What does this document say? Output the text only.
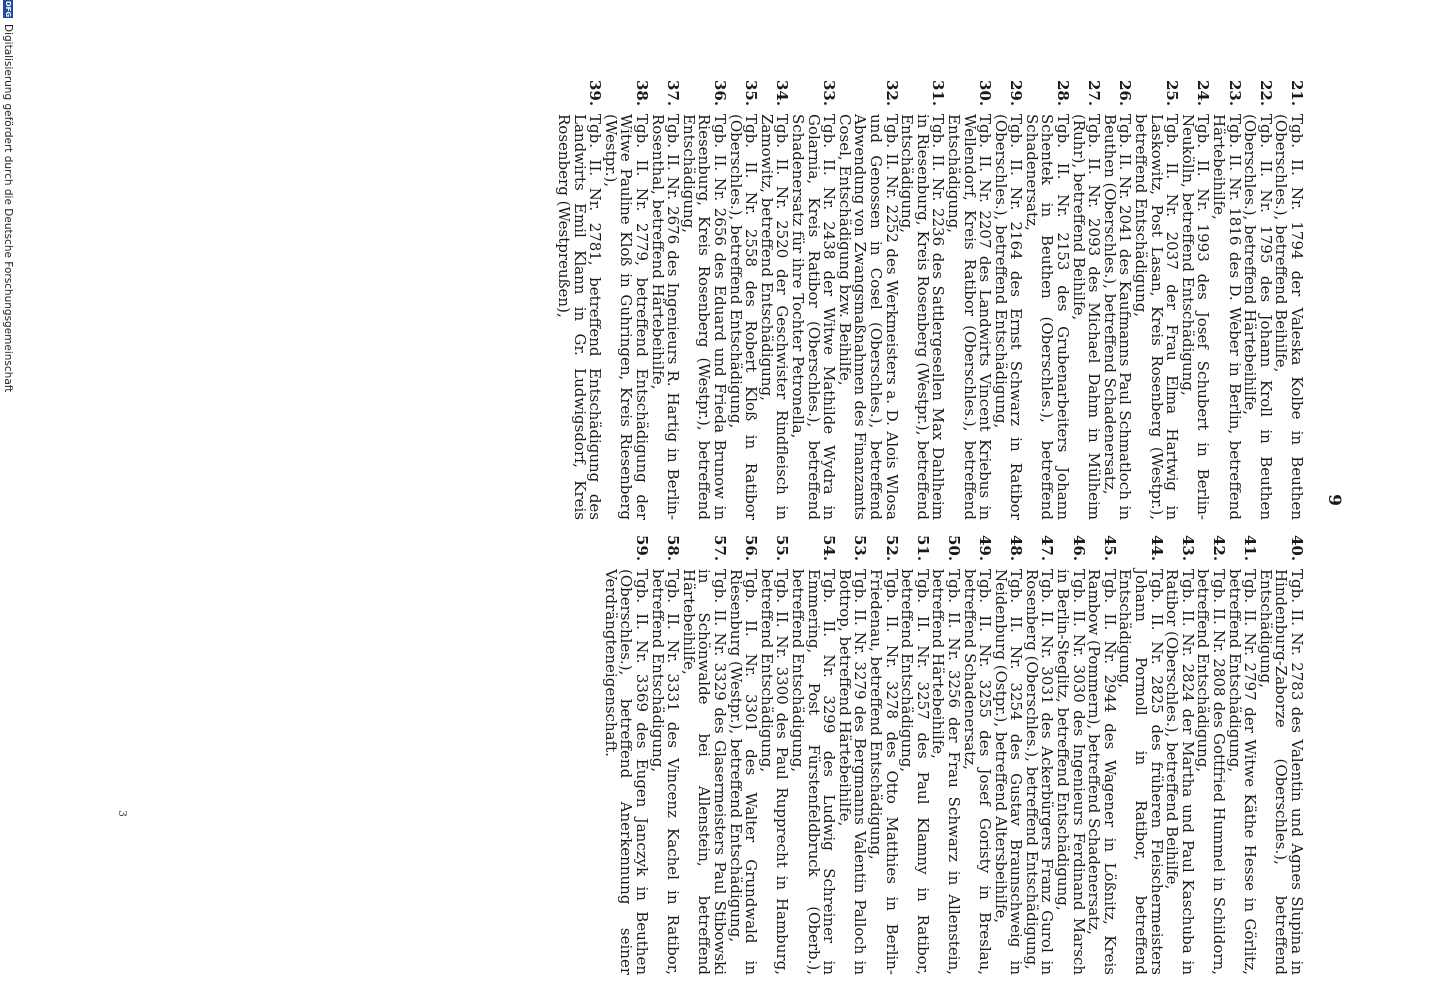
9
21.
Tgb. II. Nr. 1794 der Valeska Kolbe in Beuthen (Oberschles.), betreffend Beihilfe,
22.
Tgb. II. Nr. 1795 des Johann Kroll in Beuthen (Oberschles.), betreffend Härtebeihilfe,
23.
Tgb. II. Nr. 1816 des D. Weber in Berlin, betreffend Härtebeihilfe,
24.
Tgb. II. Nr. 1993 des Josef Schubert in Berlin-Neukölln, betreffend Entschädigung,
25.
Tgb. II. Nr. 2037 der Frau Elma Hartwig in Laskowitz, Post Lasan, Kreis Rosenberg (Westpr.), betreffend Entschädigung,
26.
Tgb. II. Nr. 2041 des Kaufmanns Paul Schmatloch in Beuthen (Oberschles.), betreffend Schadenersatz,
27.
Tgb. II. Nr. 2093 des Michael Dahm in Mülheim (Ruhr), betreffend Beihilfe,
28.
Tgb. II. Nr. 2153 des Grubenarbeiters Johann Schentek in Beuthen (Oberschles.), betreffend Schadenersatz,
29.
Tgb. II. Nr. 2164 des Ernst Schwarz in Ratibor (Oberschles.), betreffend Entschädigung,
30.
Tgb. II. Nr. 2207 des Landwirts Vincent Kriebus in Wellendorf, Kreis Ratibor (Oberschles.), betreffend Entschädigung,
31.
Tgb. II. Nr. 2236 des Sattlergesellen Max Dahlheim in Riesenburg, Kreis Rosenberg (Westpr.), betreffend Entschädigung,
32.
Tgb. II. Nr. 2252 des Werkmeisters a. D. Alois Wlosa und Genossen in Cosel (Oberschles.), betreffend Abwendung von Zwangsmaßnahmen des Finanzamts Cosel, Entschädigung bzw. Beihilfe,
33.
Tgb. II. Nr. 2438 der Witwe Mathilde Wydra in Golarnia, Kreis Ratibor (Oberschles.), betreffend Schadenersatz für ihre Tochter Petronella,
34.
Tgb. II. Nr. 2520 der Geschwister Rindfleisch in Zamowitz, betreffend Entschädigung,
35.
Tgb. II. Nr. 2558 des Robert Kloß in Ratibor (Oberschles.), betreffend Entschädigung,
36.
Tgb. II. Nr. 2656 des Eduard und Frieda Brunow in Riesenburg, Kreis Rosenberg (Westpr.), betreffend Entschädigung,
37.
Tgb. II. Nr. 2676 des Ingenieurs R. Hartig in Berlin-Rosenthal, betreffend Härtebeihilfe,
38.
Tgb. II. Nr. 2779, betreffend Entschädigung der Witwe Pauline Kloß in Guhringen, Kreis Riesenberg (Westpr.),
39.
Tgb. II. Nr. 2781, betreffend Entschädigung des Landwirts Emil Klann in Gr. Ludwigsdorf, Kreis Rosenberg (Westpreußen),
40.
Tgb. II. Nr. 2783 des Valentin und Agnes Slupina in Hindenburg-Zaborze (Oberschles.), betreffend Entschädigung,
41.
Tgb. II. Nr. 2797 der Witwe Käthe Hesse in Görlitz, betreffend Entschädigung,
42.
Tgb. II. Nr. 2808 des Gottfried Hummel in Schildorn, betreffend Entschädigung,
43.
Tgb. II. Nr. 2824 der Martha und Paul Kaschuba in Ratibor (Oberschles.), betreffend Beihilfe,
44.
Tgb. II. Nr. 2825 des früheren Fleischermeisters Johann Pormoll in Ratibor, betreffend Entschädigung,
45.
Tgb. II. Nr. 2944 des Wagener in Lößnitz, Kreis Rambow (Pommern), betreffend Schadenersatz,
46.
Tgb. II. Nr. 3030 des Ingenieurs Ferdinand Marsch in Berlin-Steglitz, betreffend Entschädigung,
47.
Tgb. II. Nr. 3031 des Ackerbürgers Franz Gurol in Rosenberg (Oberschles.), betreffend Entschädigung,
48.
Tgb. II. Nr. 3254 des Gustav Braunschweig in Neidenburg (Ostpr.), betreffend Altersbeihilfe,
49.
Tgb. II. Nr. 3255 des Josef Goristy in Breslau, betreffend Schadenersatz,
50.
Tgb. II. Nr. 3256 der Frau Schwarz in Allenstein, betreffend Härtebeihilfe,
51.
Tgb. II. Nr. 3257 des Paul Klamny in Ratibor, betreffend Entschädigung,
52.
Tgb. II. Nr. 3278 des Otto Matthies in Berlin-Friedenau, betreffend Entschädigung,
53.
Tgb. II. Nr. 3279 des Bergmanns Valentin Palloch in Bottrop, betreffend Härtebeihilfe,
54.
Tgb. II. Nr. 3299 des Ludwig Schreiner in Emmering, Post Fürstenfeldbruck (Oberb.), betreffend Entschädigung,
55.
Tgb. II. Nr. 3300 des Paul Rupprecht in Hamburg, betreffend Entschädigung,
56.
Tgb. II. Nr. 3301 des Walter Grundwald in Riesenburg (Westpr.), betreffend Entschädigung,
57.
Tgb. II. Nr. 3329 des Glasermeisters Paul Stibowski in Schönwalde bei Allenstein, betreffend Härtebeihilfe,
58.
Tgb. II. Nr. 3331 des Vincenz Kachel in Ratibor, betreffend Entschädigung,
59.
Tgb. II. Nr. 3369 des Eugen Janczyk in Beuthen (Oberschles.), betreffend Anerkennung seiner Verdrängteneigenschaft.
3
DFG
Digitalisierung gefördert durch die Deutsche Forschungsgemeinschaft
